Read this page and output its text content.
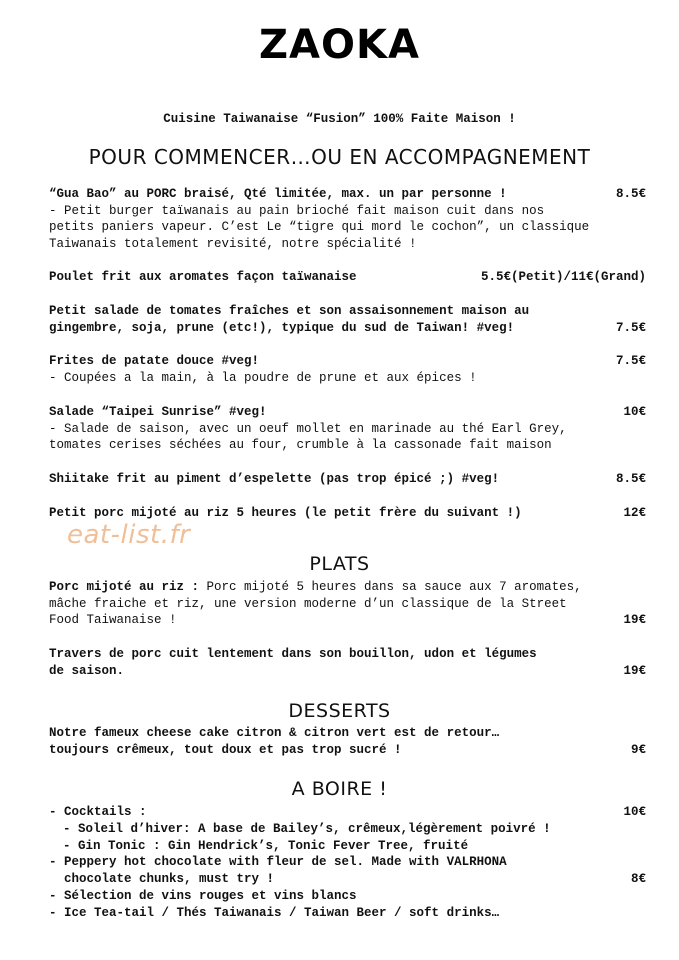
ZAOKA
Cuisine Taiwanaise “Fusion” 100% Faite Maison !
POUR COMMENCER…OU EN ACCOMPAGNEMENT
“Gua Bao” au PORC braisé, Qté limitée, max. un par personne !	8.5€
- Petit burger taïwanais au pain brioché fait maison cuit dans nos
petits paniers vapeur. C’est Le “tigre qui mord le cochon”, un classique
Taiwanais totalement revisité, notre spécialité !
Poulet frit aux aromates façon taïwanaise	5.5€(Petit)/11€(Grand)
Petit salade de tomates fraîches et son assaisonnement maison au
gingembre, soja, prune (etc!), typique du sud de Taiwan! #veg!	7.5€
Frites de patate douce #veg!	7.5€
- Coupées a la main, à la poudre de prune et aux épices !
Salade “Taipei Sunrise” #veg!	10€
- Salade de saison, avec un oeuf mollet en marinade au thé Earl Grey,
tomates cerises séchées au four, crumble à la cassonade fait maison
Shiitake frit au piment d’espelette (pas trop épicé ;) #veg!	8.5€
Petit porc mijoté au riz 5 heures (le petit frère du suivant !)	12€
eat-list.fr
PLATS
Porc mijoté au riz : Porc mijoté 5 heures dans sa sauce aux 7 aromates,
mâche fraiche et riz, une version moderne d’un classique de la Street
Food Taiwanaise !	19€
Travers de porc cuit lentement dans son bouillon, udon et légumes
de saison.	19€
DESSERTS
Notre fameux cheese cake citron & citron vert est de retour…
toujours crêmeux, tout doux et pas trop sucré !	9€
A BOIRE !
- Cocktails :	10€
- Soleil d’hiver: A base de Bailey’s, crêmeux,légèrement poivré !
- Gin Tonic : Gin Hendrick’s, Tonic Fever Tree, fruité
- Peppery hot chocolate with fleur de sel. Made with VALRHONA
chocolate chunks, must try !	8€
- Sélection de vins rouges et vins blancs
- Ice Tea-tail / Thés Taiwanais / Taiwan Beer / soft drinks…
